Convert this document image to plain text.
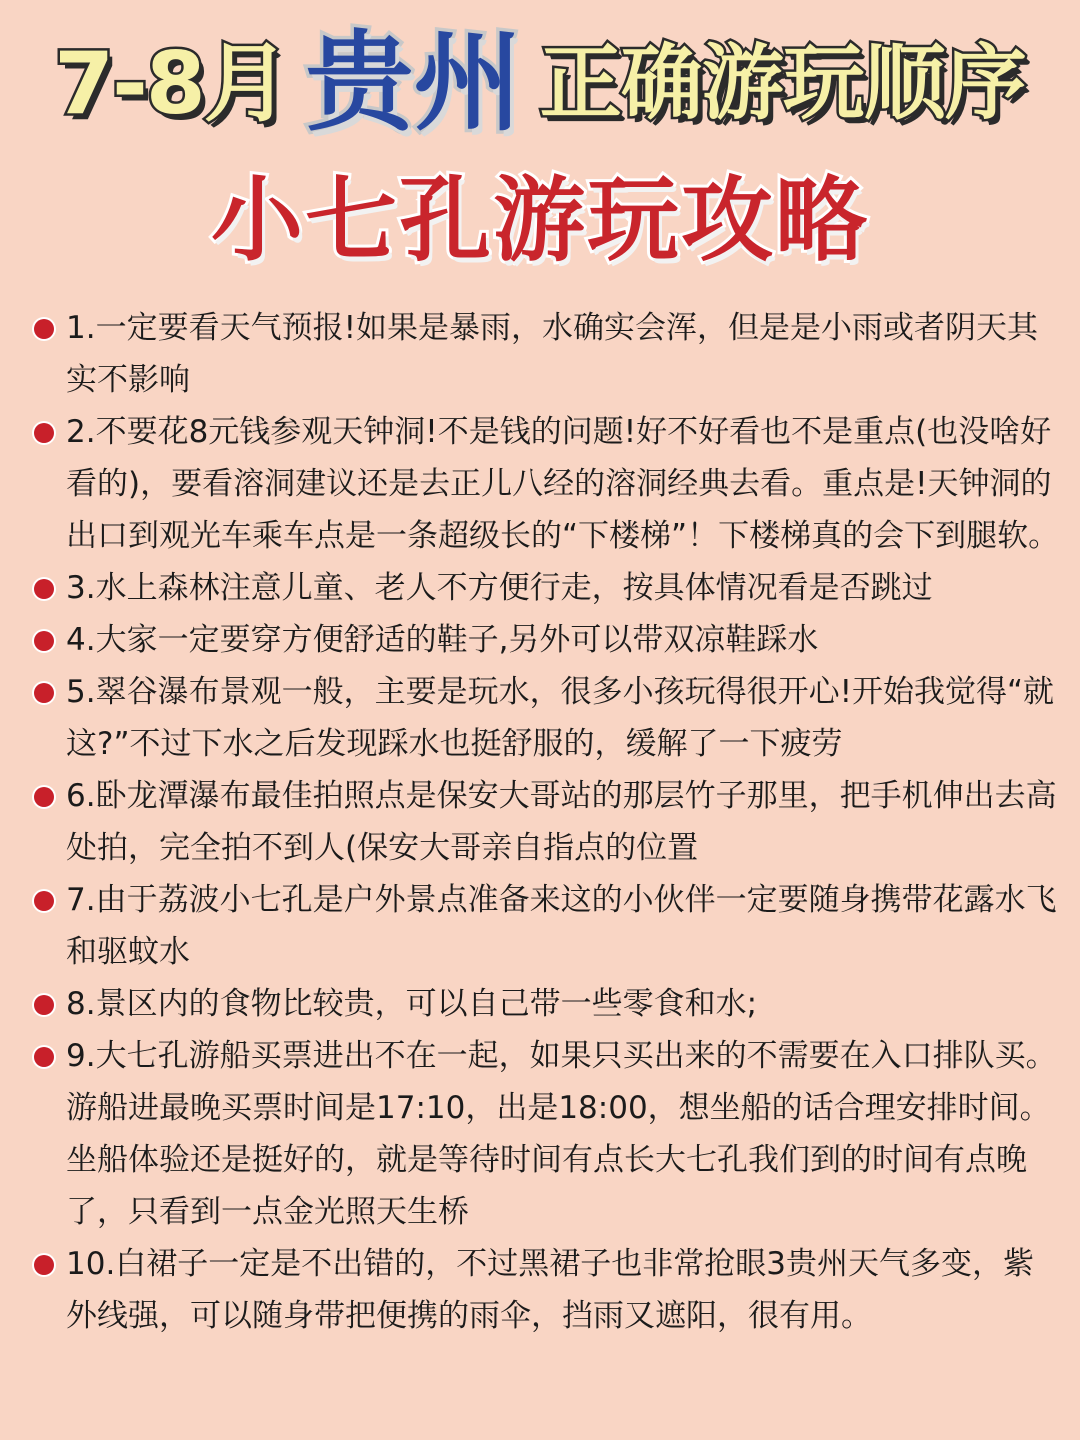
7-8月 贵州 正确游玩顺序
小七孔游玩攻略
1.一定要看天气预报!如果是暴雨，水确实会浑，但是是小雨或者阴天其实不影响
2.不要花8元钱参观天钟洞!不是钱的问题!好不好看也不是重点(也没啥好看的)，要看溶洞建议还是去正儿八经的溶洞经典去看。重点是!天钟洞的出口到观光车乘车点是一条超级长的“下楼梯”！下楼梯真的会下到腿软。
3.水上森林注意儿童、老人不方便行走，按具体情况看是否跳过
4.大家一定要穿方便舒适的鞋子,另外可以带双凉鞋踩水
5.翠谷瀑布景观一般，主要是玩水，很多小孩玩得很开心!开始我觉得“就这?”不过下水之后发现踩水也挺舒服的，缓解了一下疲劳
6.卧龙潭瀑布最佳拍照点是保安大哥站的那层竹子那里，把手机伸出去高处拍，完全拍不到人(保安大哥亲自指点的位置
7.由于荔波小七孔是户外景点准备来这的小伙伴一定要随身携带花露水飞和驱蚊水
8.景区内的食物比较贵，可以自己带一些零食和水;
9.大七孔游船买票进出不在一起，如果只买出来的不需要在入口排队买。游船进最晚买票时间是17:10，出是18:00，想坐船的话合理安排时间。坐船体验还是挺好的，就是等待时间有点长大七孔我们到的时间有点晚了，只看到一点金光照天生桥
10.白裙子一定是不出错的，不过黑裙子也非常抢眼3贵州天气多变，紫外线强，可以随身带把便携的雨伞，挡雨又遮阳，很有用。
